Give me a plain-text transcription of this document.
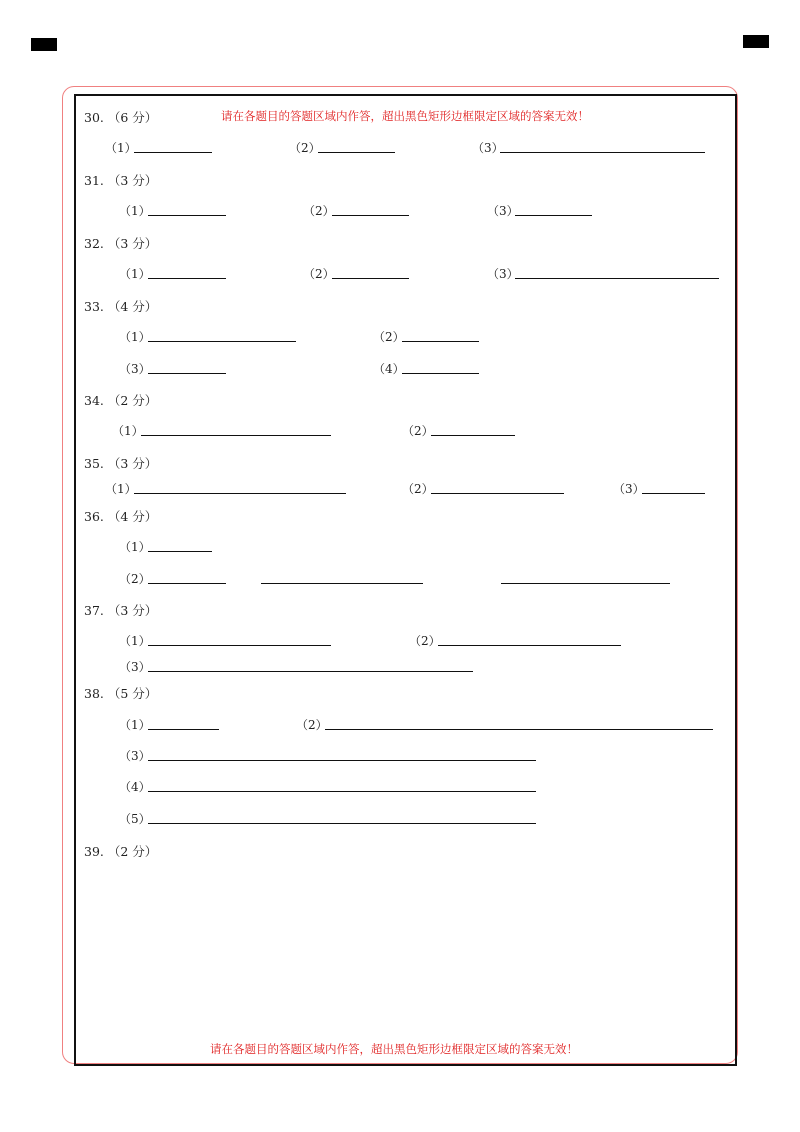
请在各题目的答题区域内作答，超出黑色矩形边框限定区域的答案无效！
请在各题目的答题区域内作答，超出黑色矩形边框限定区域的答案无效！
30. （6 分）
（1）	（2）	（3）
31. （3 分）
（1）	（2）	（3）
32. （3 分）
（1）	（2）	（3）
33. （4 分）
（1）	（2）
（3）	（4）
34. （2 分）
（1）	（2）
35. （3 分）
（1）	（2）	（3）
36. （4 分）
（1）
（2）
37. （3 分）
（1）	（2）
（3）
38. （5 分）
（1）	（2）
（3）
（4）
（5）
39. （2 分）
